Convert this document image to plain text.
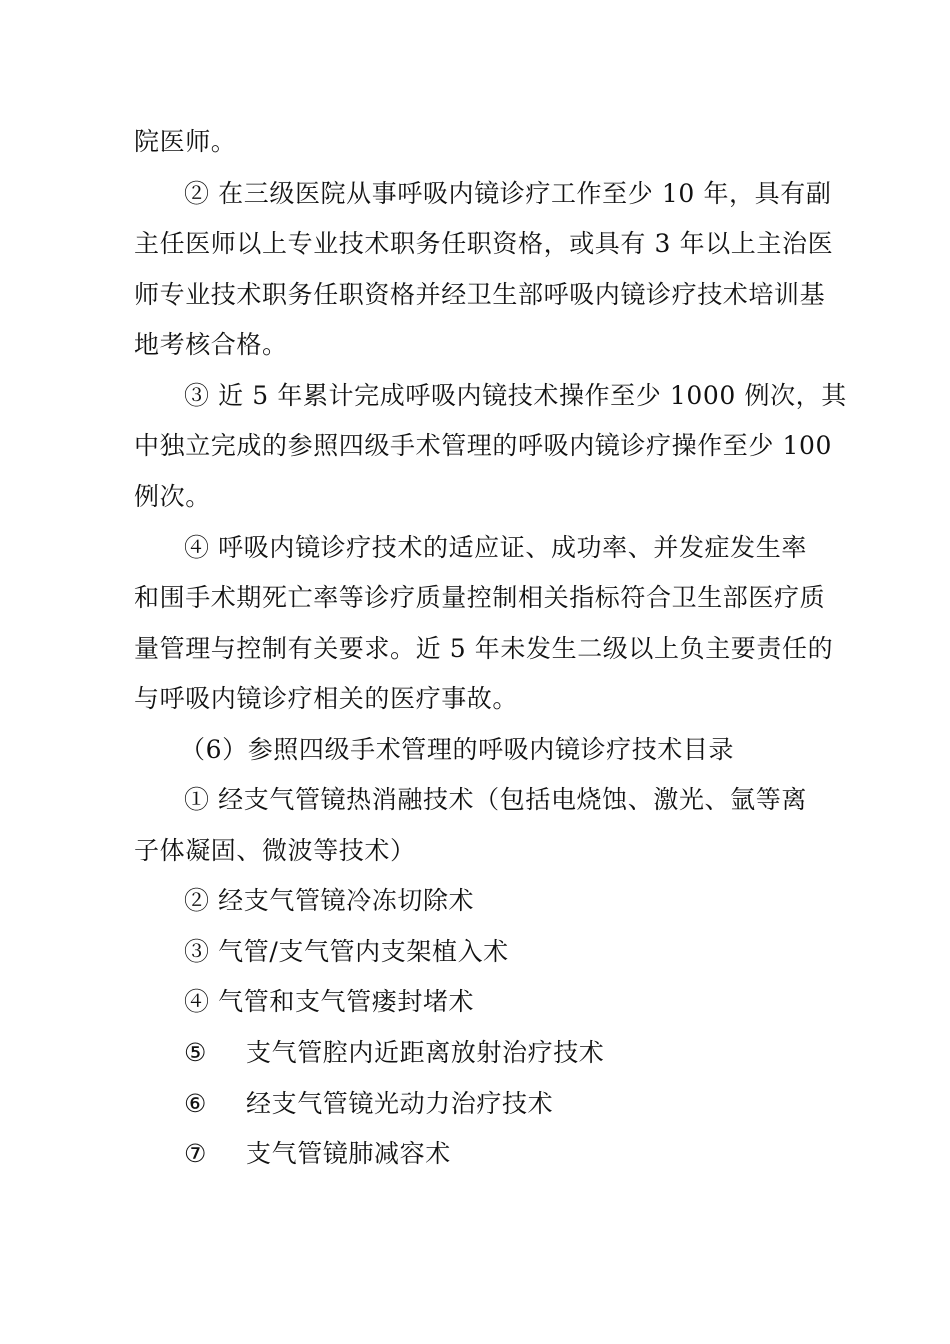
院医师。
② 在三级医院从事呼吸内镜诊疗工作至少 10 年，具有副
主任医师以上专业技术职务任职资格，或具有 3 年以上主治医
师专业技术职务任职资格并经卫生部呼吸内镜诊疗技术培训基
地考核合格。
③ 近 5 年累计完成呼吸内镜技术操作至少 1000 例次，其
中独立完成的参照四级手术管理的呼吸内镜诊疗操作至少 100
例次。
④ 呼吸内镜诊疗技术的适应证、成功率、并发症发生率
和围手术期死亡率等诊疗质量控制相关指标符合卫生部医疗质
量管理与控制有关要求。近 5 年未发生二级以上负主要责任的
与呼吸内镜诊疗相关的医疗事故。
（6）参照四级手术管理的呼吸内镜诊疗技术目录
① 经支气管镜热消融技术（包括电烧蚀、激光、氩等离
子体凝固、微波等技术）
② 经支气管镜冷冻切除术
③ 气管/支气管内支架植入术
④ 气管和支气管瘘封堵术
⑤ 支气管腔内近距离放射治疗技术
⑥ 经支气管镜光动力治疗技术
⑦ 支气管镜肺减容术
